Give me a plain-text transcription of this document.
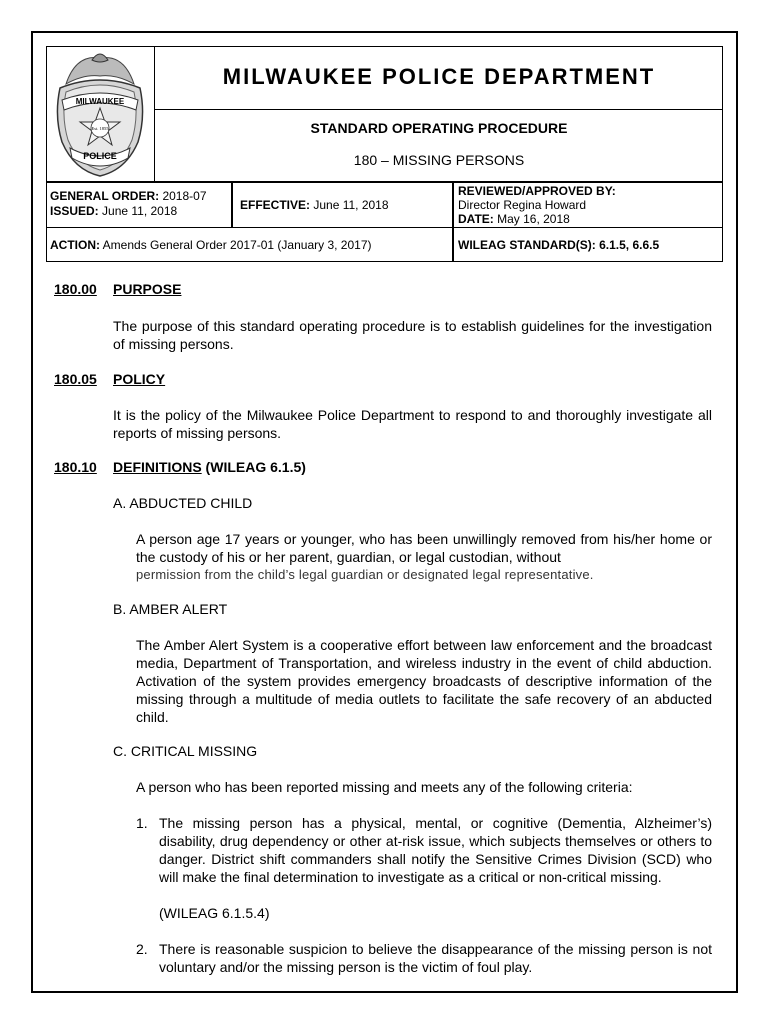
MILWAUKEE
Est. 1855
POLICE
MILWAUKEE POLICE DEPARTMENT
STANDARD OPERATING PROCEDURE
180 – MISSING PERSONS
GENERAL ORDER: 2018-07
ISSUED: June 11, 2018	EFFECTIVE: June 11, 2018
REVIEWED/APPROVED BY:
Director Regina Howard
DATE: May 16, 2018
ACTION: Amends General Order 2017-01 (January 3, 2017)	WILEAG STANDARD(S): 6.1.5, 6.6.5
180.00 PURPOSE
The purpose of this standard operating procedure is to establish guidelines for the investigation of missing persons.
180.05 POLICY
It is the policy of the Milwaukee Police Department to respond to and thoroughly investigate all reports of missing persons.
180.10 DEFINITIONS (WILEAG 6.1.5)
A. ABDUCTED CHILD
A person age 17 years or younger, who has been unwillingly removed from his/her home or the custody of his or her parent, guardian, or legal custodian, without
permission from the child’s legal guardian or designated legal representative.
B. AMBER ALERT
The Amber Alert System is a cooperative effort between law enforcement and the broadcast media, Department of Transportation, and wireless industry in the event of child abduction. Activation of the system provides emergency broadcasts of descriptive information of the missing through a multitude of media outlets to facilitate the safe recovery of an abducted child.
C. CRITICAL MISSING
A person who has been reported missing and meets any of the following criteria:
1. The missing person has a physical, mental, or cognitive (Dementia, Alzheimer’s) disability, drug dependency or other at-risk issue, which subjects themselves or others to danger. District shift commanders shall notify the Sensitive Crimes Division (SCD) who will make the final determination to investigate as a critical or non-critical missing.
(WILEAG 6.1.5.4)
2. There is reasonable suspicion to believe the disappearance of the missing person is not voluntary and/or the missing person is the victim of foul play.
